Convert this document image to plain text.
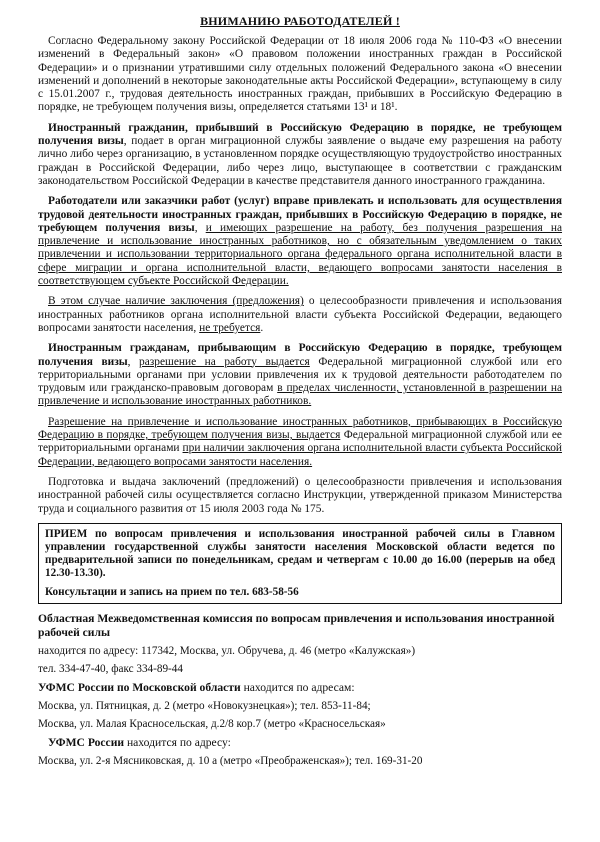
ВНИМАНИЮ РАБОТОДАТЕЛЕЙ !

Согласно Федеральному закону Российской Федерации от 18 июля 2006 года № 110-ФЗ «О внесении изменений в Федеральный закон» «О правовом положении иностранных граждан в Российской Федерации» и о признании утратившими силу отдельных положений Федерального закона «О внесении изменений и дополнений в некоторые законодательные акты Российской Федерации», вступающему в силу с 15.01.2007 г., трудовая деятельность иностранных граждан, прибывших в Российскую Федерацию в порядке, не требующем получения визы, определяется статьями 13¹ и 18¹.

Иностранный гражданин, прибывший в Российскую Федерацию в порядке, не требующем получения визы, подает в орган миграционной службы заявление о выдаче ему разрешения на работу лично либо через организацию, в установленном порядке осуществляющую трудоустройство иностранных граждан в Российской Федерации, либо через лицо, выступающее в соответствии с гражданским законодательством Российской Федерации в качестве представителя данного иностранного гражданина.

Работодатели или заказчики работ (услуг) вправе привлекать и использовать для осуществления трудовой деятельности иностранных граждан, прибывших в Российскую Федерацию в порядке, не требующем получения визы, и имеющих разрешение на работу, без получения разрешения на привлечение и использование иностранных работников, но с обязательным уведомлением о таких привлечении и использовании территориального органа федерального органа исполнительной власти в сфере миграции и органа исполнительной власти, ведающего вопросами занятости населения в соответствующем субъекте Российской Федерации.

В этом случае наличие заключения (предложения) о целесообразности привлечения и использования иностранных работников органа исполнительной власти субъекта Российской Федерации, ведающего вопросами занятости населения, не требуется.

Иностранным гражданам, прибывающим в Российскую Федерацию в порядке, требующем получения визы, разрешение на работу выдается Федеральной миграционной службой или его территориальными органами при условии привлечения их к трудовой деятельности работодателем по трудовым или гражданско-правовым договорам в пределах численности, установленной в разрешении на привлечение и использование иностранных работников.

Разрешение на привлечение и использование иностранных работников, прибывающих в Российскую Федерацию в порядке, требующем получения визы, выдается Федеральной миграционной службой или ее территориальными органами при наличии заключения органа исполнительной власти субъекта Российской Федерации, ведающего вопросами занятости населения.

Подготовка и выдача заключений (предложений) о целесообразности привлечения и использования иностранной рабочей силы осуществляется согласно Инструкции, утвержденной приказом Министерства труда и социального развития от 15 июля 2003 года № 175.

ПРИЕМ по вопросам привлечения и использования иностранной рабочей силы в Главном управлении государственной службы занятости населения Московской области ведется по предварительной записи по понедельникам, средам и четвергам с 10.00 до 16.00 (перерыв на обед 12.30-13.30).

Консультации и запись на прием по тел. 683-58-56

Областная Межведомственная комиссия по вопросам привлечения и использования иностранной рабочей силы

находится по адресу: 117342, Москва, ул. Обручева, д. 46 (метро «Калужская»)

тел. 334-47-40, факс 334-89-44

УФМС России по Московской области находится по адресам:

Москва, ул. Пятницкая, д. 2 (метро «Новокузнецкая»); тел. 853-11-84;

Москва, ул. Малая Красносельская, д.2/8 кор.7 (метро «Красносельская»

УФМС России находится по адресу:

Москва, ул. 2-я Мясниковская, д. 10 а (метро «Преображенская»); тел. 169-31-20
